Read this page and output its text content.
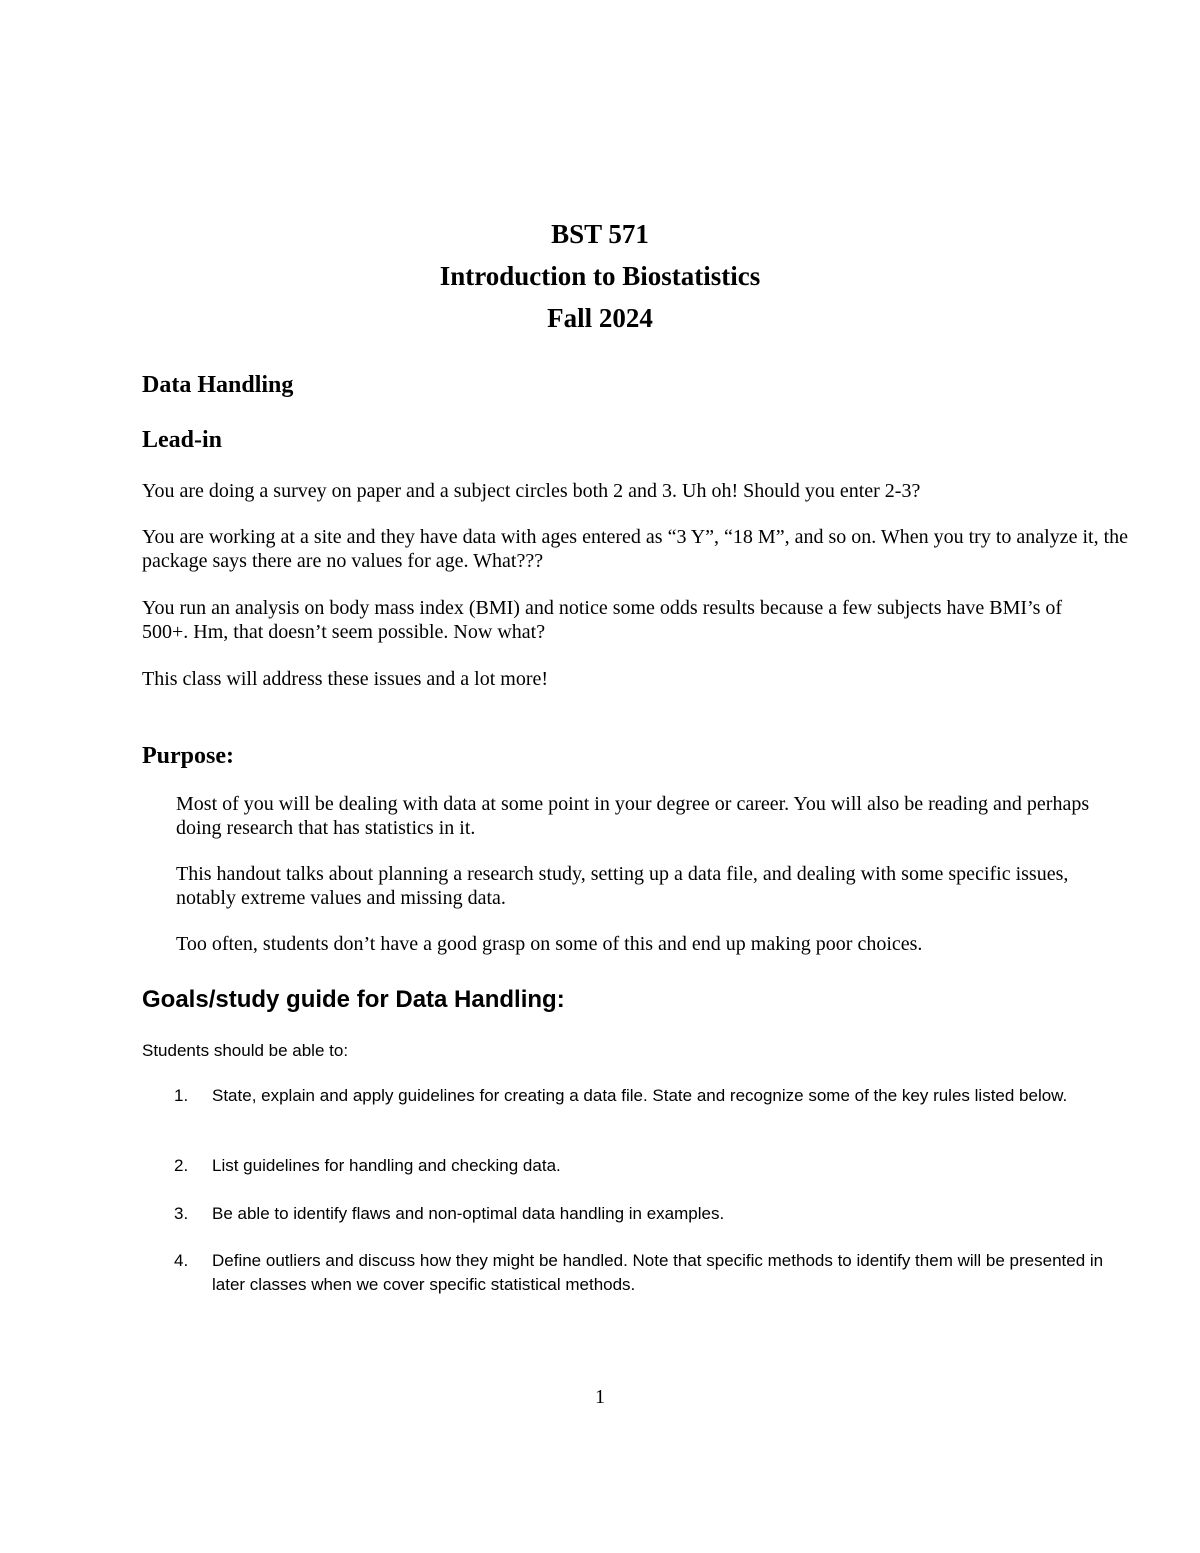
BST 571
Introduction to Biostatistics
Fall 2024
Data Handling
Lead-in
You are doing a survey on paper and a subject circles both 2 and 3. Uh oh! Should you enter 2-3?
You are working at a site and they have data with ages entered as “3 Y”, “18 M”, and so on. When you try to analyze it, the package says there are no values for age. What???
You run an analysis on body mass index (BMI) and notice some odds results because a few subjects have BMI’s of 500+. Hm, that doesn’t seem possible. Now what?
This class will address these issues and a lot more!
Purpose:
Most of you will be dealing with data at some point in your degree or career. You will also be reading and perhaps doing research that has statistics in it.
This handout talks about planning a research study, setting up a data file, and dealing with some specific issues, notably extreme values and missing data.
Too often, students don’t have a good grasp on some of this and end up making poor choices.
Goals/study guide for Data Handling:
Students should be able to:
1. State, explain and apply guidelines for creating a data file. State and recognize some of the key rules listed below.
2. List guidelines for handling and checking data.
3. Be able to identify flaws and non-optimal data handling in examples.
4. Define outliers and discuss how they might be handled. Note that specific methods to identify them will be presented in later classes when we cover specific statistical methods.
1
